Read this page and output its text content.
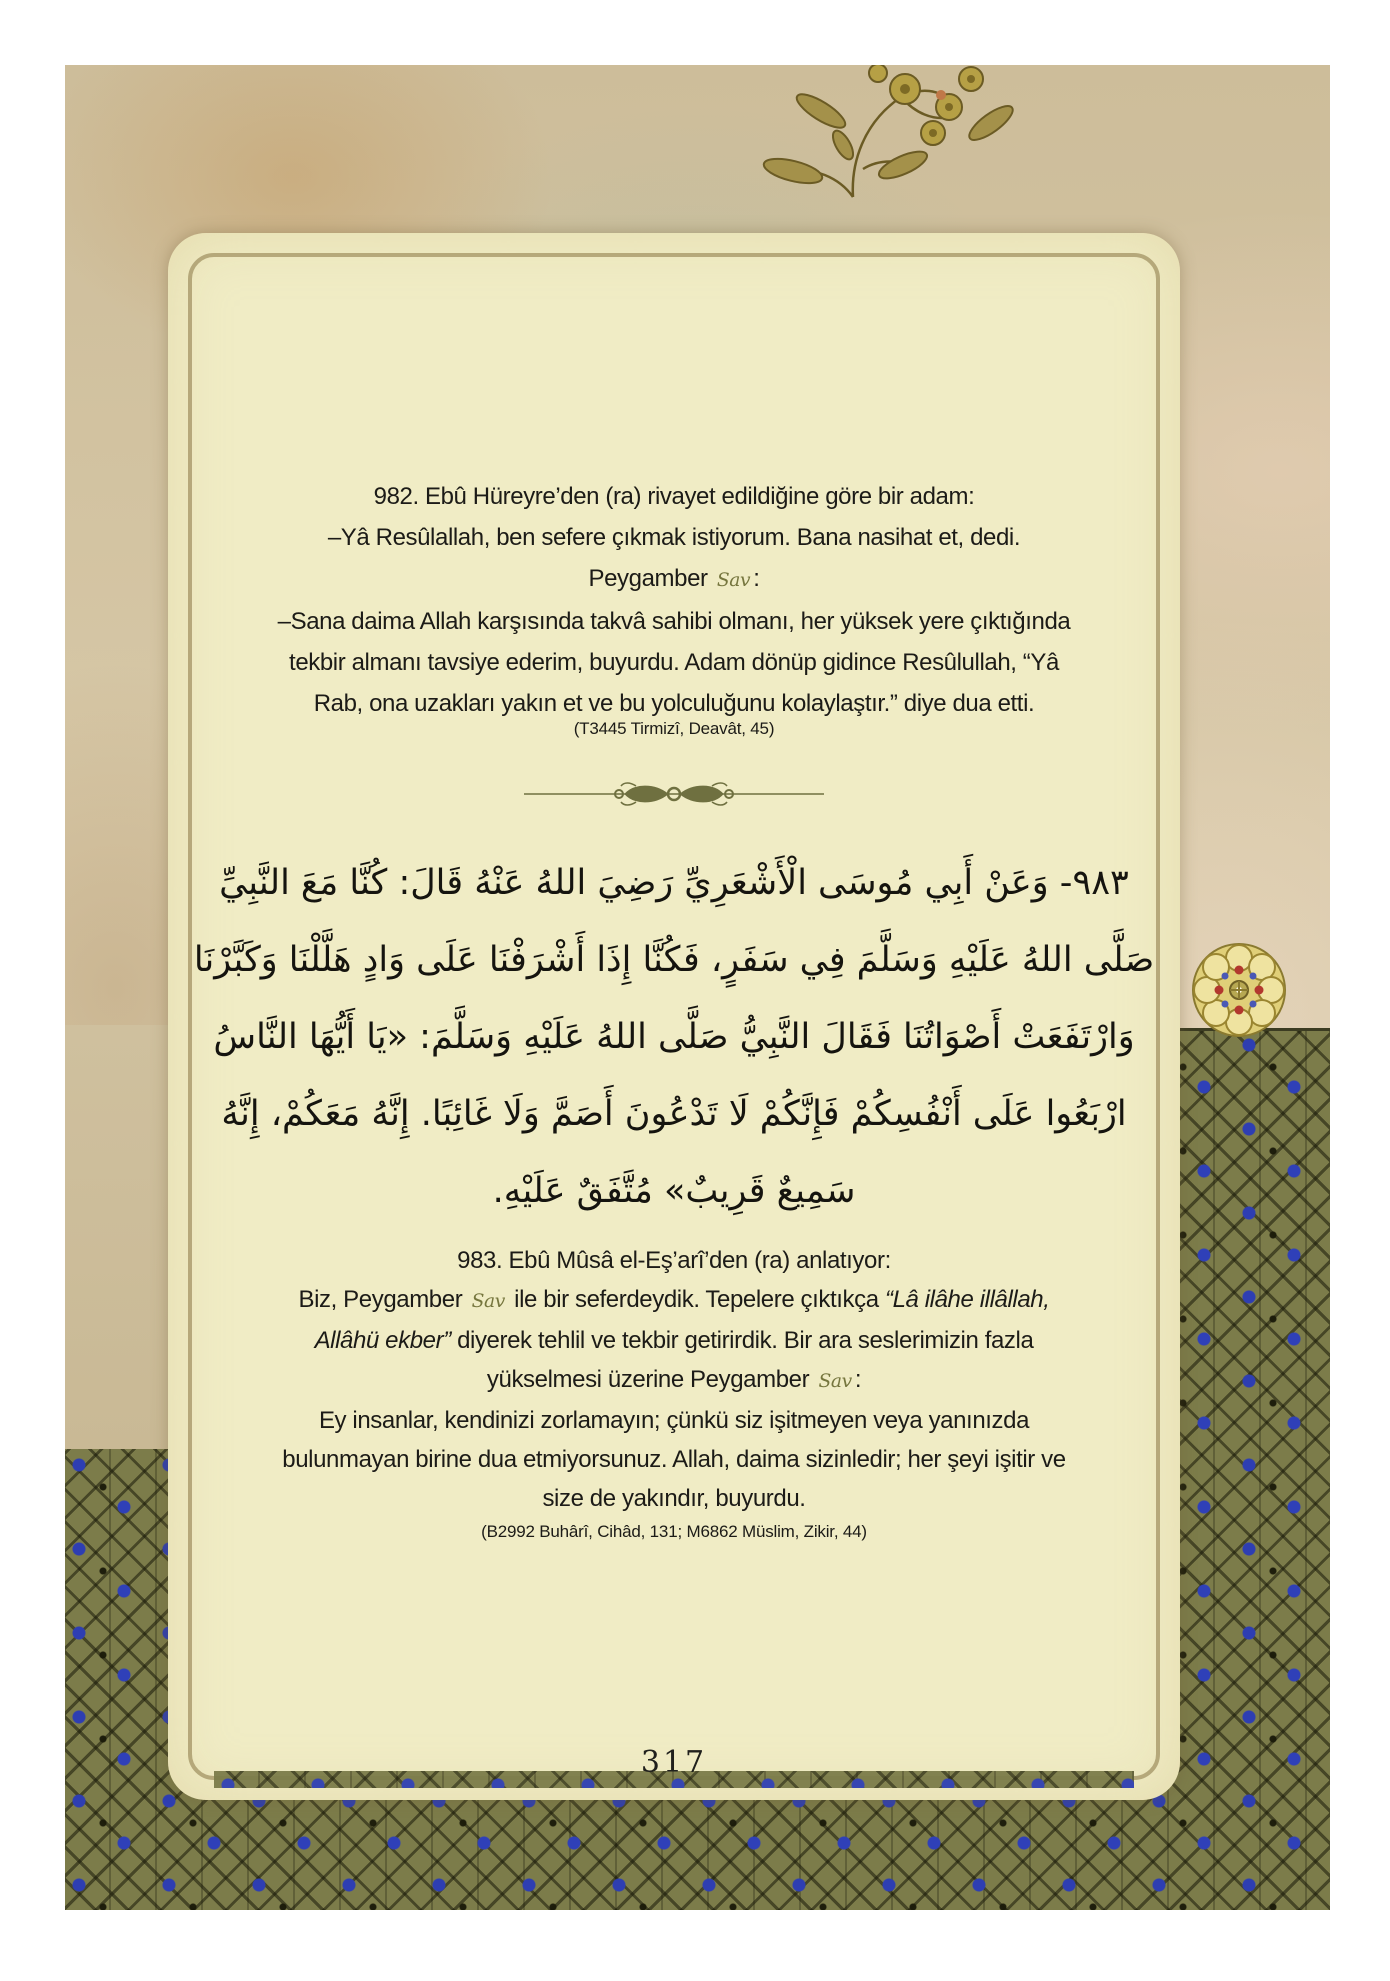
982. Ebû Hüreyre’den (ra) rivayet edildiğine göre bir adam:

–Yâ Resûlallah, ben sefere çıkmak istiyorum. Bana nasihat et, dedi.

Peygamber Sav :

–Sana daima Allah karşısında takvâ sahibi olmanı, her yüksek yere çıktığında

tekbir almanı tavsiye ederim, buyurdu. Adam dönüp gidince Resûlullah, “Yâ

Rab, ona uzakları yakın et ve bu yolculuğunu kolaylaştır.” diye dua etti.

(T3445 Tirmizî, Deavât, 45)

٩٨٣- وَعَنْ أَبِي مُوسَى الْأَشْعَرِيِّ رَضِيَ اللهُ عَنْهُ قَالَ: كُنَّا مَعَ النَّبِيِّ

صَلَّى اللهُ عَلَيْهِ وَسَلَّمَ فِي سَفَرٍ، فَكُنَّا إِذَا أَشْرَفْنَا عَلَى وَادٍ هَلَّلْنَا وَكَبَّرْنَا

وَارْتَفَعَتْ أَصْوَاتُنَا فَقَالَ النَّبِيُّ صَلَّى اللهُ عَلَيْهِ وَسَلَّمَ: «يَا أَيُّهَا النَّاسُ

ارْبَعُوا عَلَى أَنْفُسِكُمْ فَإِنَّكُمْ لَا تَدْعُونَ أَصَمَّ وَلَا غَائِبًا. إِنَّهُ مَعَكُمْ، إِنَّهُ

سَمِيعٌ قَرِيبٌ» مُتَّفَقٌ عَلَيْهِ.

983. Ebû Mûsâ el-Eş’arî’den (ra) anlatıyor:

Biz, Peygamber Sav ile bir seferdeydik. Tepelere çıktıkça “Lâ ilâhe illâllah,

Allâhü ekber” diyerek tehlil ve tekbir getirirdik. Bir ara seslerimizin fazla

yükselmesi üzerine Peygamber Sav :

Ey insanlar, kendinizi zorlamayın; çünkü siz işitmeyen veya yanınızda

bulunmayan birine dua etmiyorsunuz. Allah, daima sizinledir; her şeyi işitir ve

size de yakındır, buyurdu.

(B2992 Buhârî, Cihâd, 131; M6862 Müslim, Zikir, 44)

317
